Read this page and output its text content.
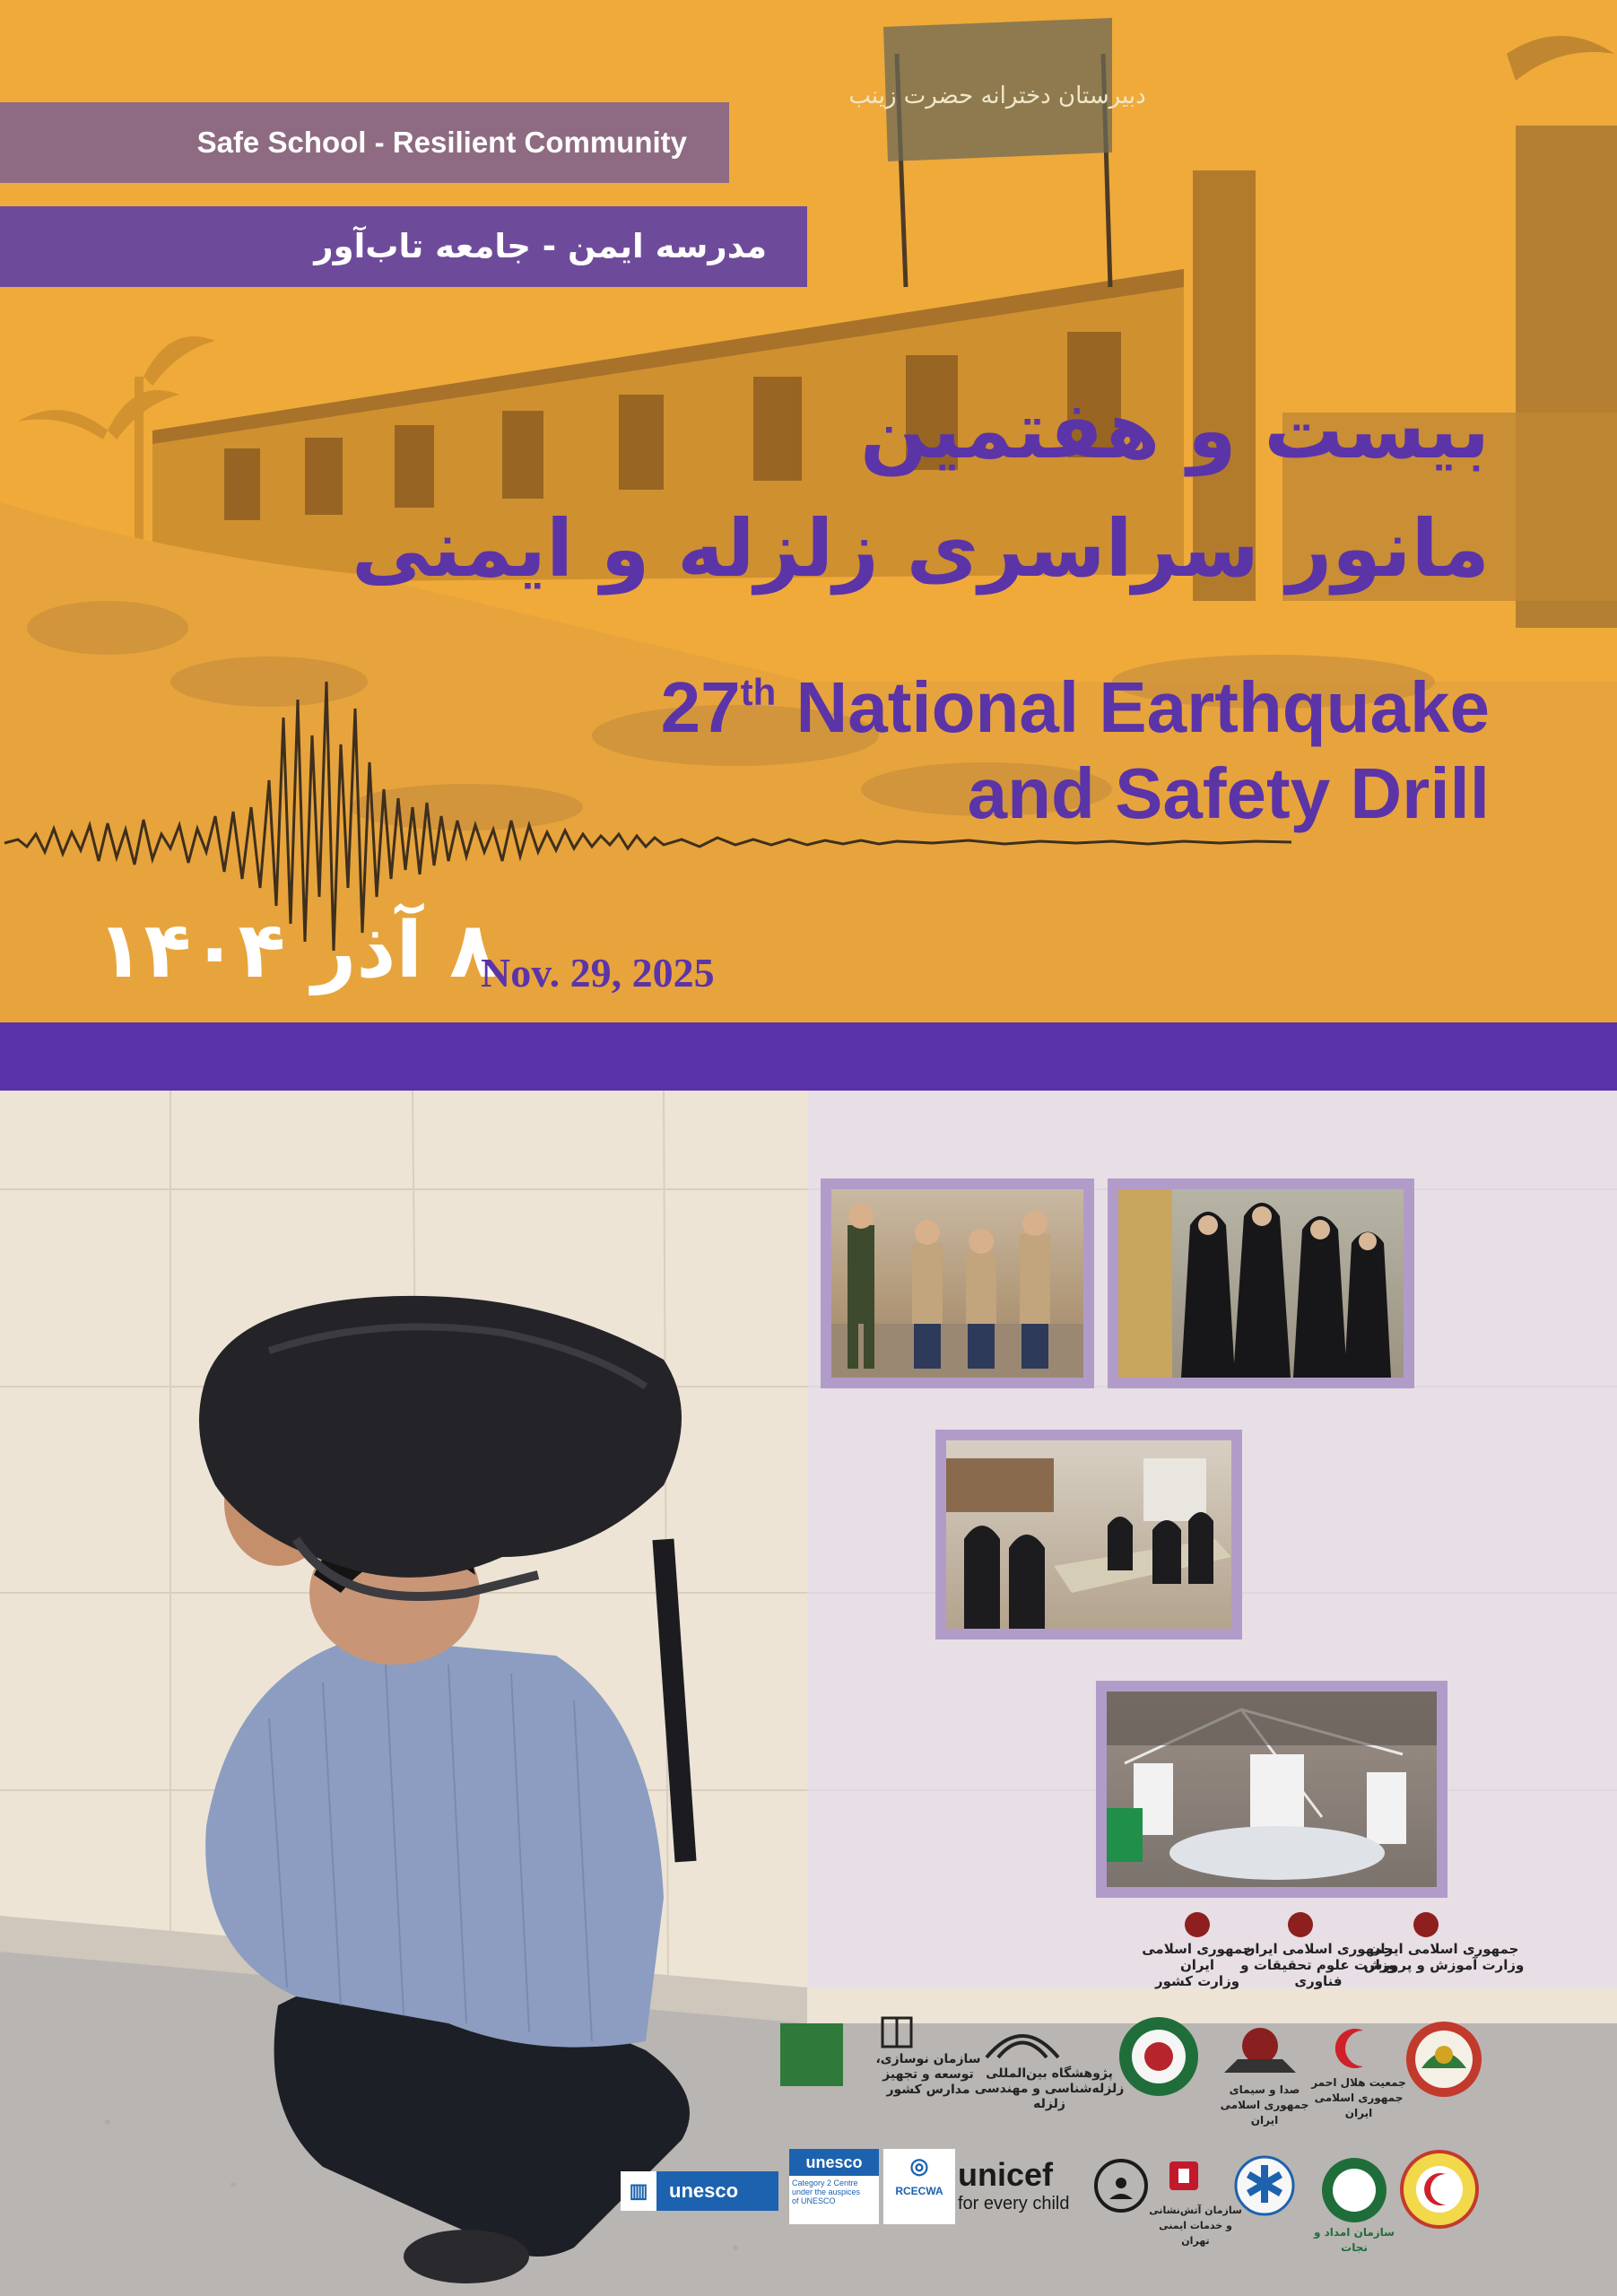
دبیرستان دخترانه حضرت زینب
Safe School - Resilient Community
مدرسه ایمن - جامعه تاب‌آور
بیست و هفتمین
مانور سراسری زلزله و ایمنی
27th National Earthquake
and Safety Drill
۸ آذر ۱۴۰۴
Nov. 29, 2025
جمهوری اسلامی ایران
وزارت آموزش و پرورش
جمهوری اسلامی ایران
وزارت علوم تحقیقات و فناوری
جمهوری اسلامی ایران
وزارت کشور
سازمان نوسازی، توسعه و تجهیز
مدارس کشور
پژوهشگاه بین‌المللی
زلزله‌شناسی و مهندسی زلزله
صدا و سیمای جمهوری اسلامی ایران
جمعیت هلال احمر
جمهوری اسلامی ایران
▥	unesco
unesco
Category 2 Centre
under the auspices
of UNESCO
◎
RCECWA unicef
for every child	سازمان آتش‌نشانی
و خدمات ایمنی تهران
سازمان امداد و نجات
